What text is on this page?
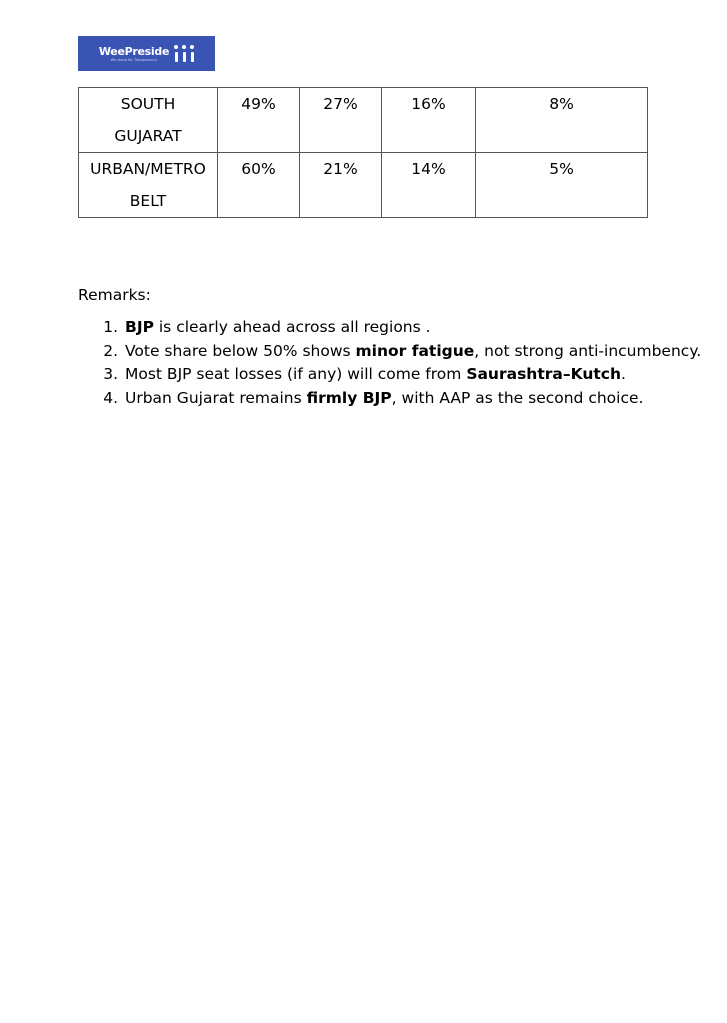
WeePreside
We stand for Transparency
SOUTH
GUJARAT	49%	27%	16%	8%
URBAN/METRO
BELT	60%	21%	14%	5%
Remarks:
1. BJP is clearly ahead across all regions .
2. Vote share below 50% shows minor fatigue, not strong anti-incumbency.
3. Most BJP seat losses (if any) will come from Saurashtra–Kutch.
4. Urban Gujarat remains firmly BJP, with AAP as the second choice.
